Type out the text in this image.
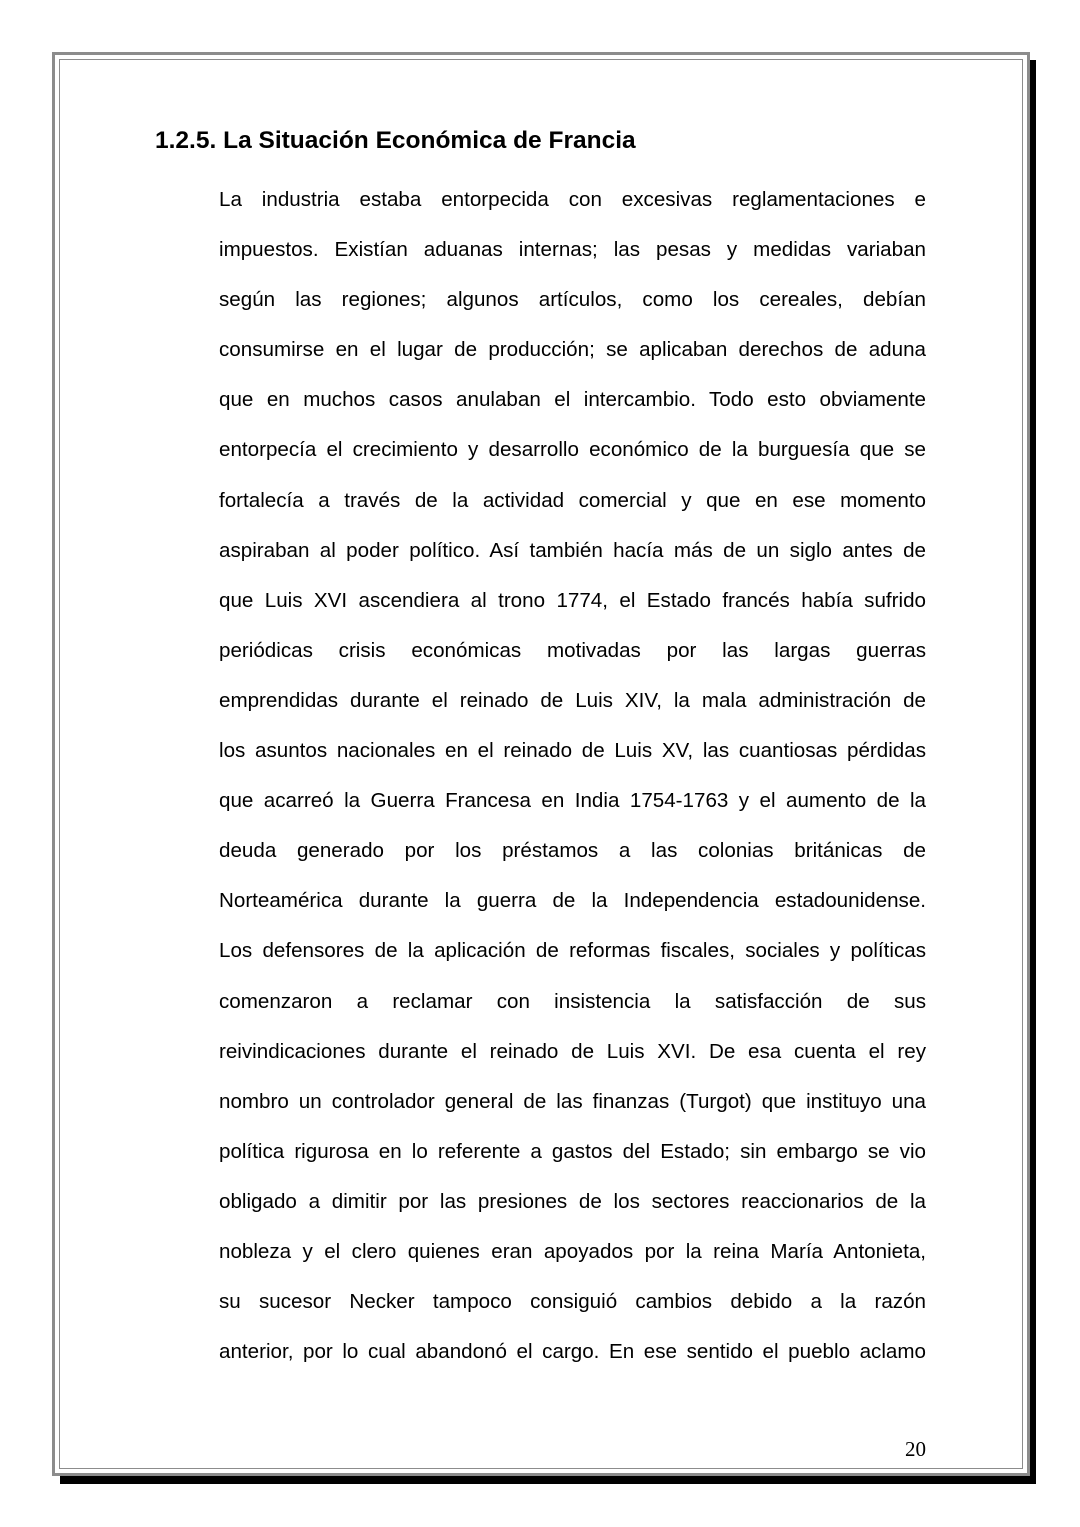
1.2.5. La Situación Económica de Francia
La industria estaba entorpecida con excesivas reglamentaciones e
impuestos. Existían aduanas internas; las pesas y medidas variaban
según las regiones; algunos artículos, como los cereales, debían
consumirse en el lugar de producción; se aplicaban derechos de aduna
que en muchos casos anulaban el intercambio. Todo esto obviamente
entorpecía el crecimiento y desarrollo económico de la burguesía que se
fortalecía a través de la actividad comercial y que en ese momento
aspiraban al poder político. Así también hacía más de un siglo antes de
que Luis XVI ascendiera al trono 1774, el Estado francés había sufrido
periódicas crisis económicas motivadas por las largas guerras
emprendidas durante el reinado de Luis XIV, la mala administración de
los asuntos nacionales en el reinado de Luis XV, las cuantiosas pérdidas
que acarreó la Guerra Francesa en India 1754-1763 y el aumento de la
deuda generado por los préstamos a las colonias británicas de
Norteamérica durante la guerra de la Independencia estadounidense.
Los defensores de la aplicación de reformas fiscales, sociales y políticas
comenzaron a reclamar con insistencia la satisfacción de sus
reivindicaciones durante el reinado de Luis XVI. De esa cuenta el rey
nombro un controlador general de las finanzas (Turgot) que instituyo una
política rigurosa en lo referente a gastos del Estado; sin embargo se vio
obligado a dimitir por las presiones de los sectores reaccionarios de la
nobleza y el clero quienes eran apoyados por la reina María Antonieta,
su sucesor Necker tampoco consiguió cambios debido a la razón
anterior, por lo cual abandonó el cargo. En ese sentido el pueblo aclamo

20
